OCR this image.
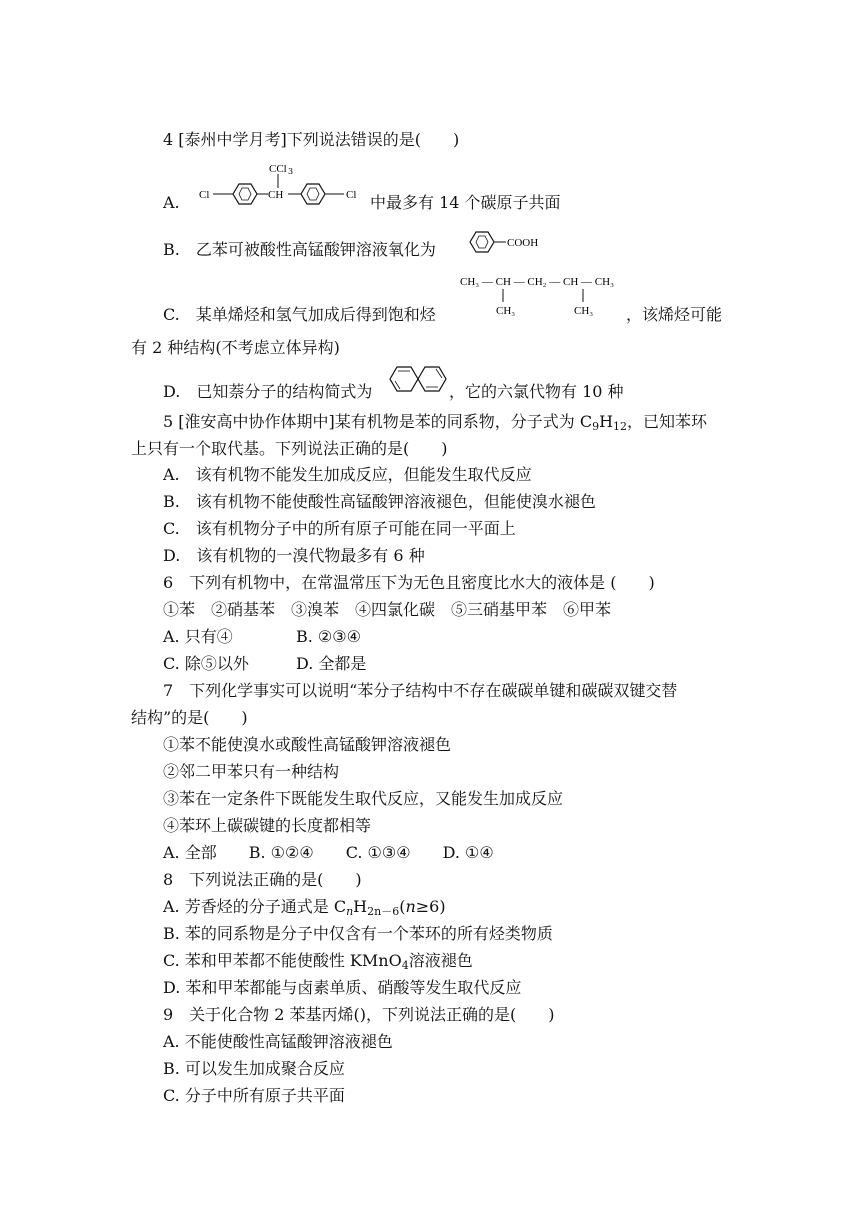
4 [泰州中学月考]下列说法错误的是(　　)
A. Cl	CH	Cl
CCl 3
中最多有 14 个碳原子共面
B.　乙苯可被酸性高锰酸钾溶液氧化为	COOH
CH₃ — CH — CH₂ — CH — CH₃
CH₃	CH₃
C.　某单烯烃和氢气加成后得到饱和烃	，该烯烃可能
有 2 种结构(不考虑立体异构)
D.　已知萘分子的结构简式为	，它的六氯代物有 10 种
5 [淮安高中协作体期中]某有机物是苯的同系物，分子式为 $C_9H_{12}$，已知苯环
上只有一个取代基。下列说法正确的是(　　)
A.　该有机物不能发生加成反应，但能发生取代反应
B.　该有机物不能使酸性高锰酸钾溶液褪色，但能使溴水褪色
C.　该有机物分子中的所有原子可能在同一平面上
D.　该有机物的一溴代物最多有 6 种
6　下列有机物中，在常温常压下为无色且密度比水大的液体是 (　　)
①苯　②硝基苯　③溴苯　④四氯化碳　⑤三硝基甲苯　⑥甲苯
A. 只有④	B. ②③④
C. 除⑤以外	D. 全都是
7　下列化学事实可以说明“苯分子结构中不存在碳碳单键和碳碳双键交替
结构”的是(　　)
①苯不能使溴水或酸性高锰酸钾溶液褪色
②邻二甲苯只有一种结构
③苯在一定条件下既能发生取代反应，又能发生加成反应
④苯环上碳碳键的长度都相等
A. 全部　　B. ①②④　　C. ①③④　　D. ①④
8　下列说法正确的是(　　)
A. 芳香烃的分子通式是 $C_nH_{2n-6}(n\ge 6)$
B. 苯的同系物是分子中仅含有一个苯环的所有烃类物质
C. 苯和甲苯都不能使酸性 KMnO$_4$溶液褪色
D. 苯和甲苯都能与卤素单质、硝酸等发生取代反应
9　关于化合物 2 苯基丙烯()，下列说法正确的是(　　)
A. 不能使酸性高锰酸钾溶液褪色
B. 可以发生加成聚合反应
C. 分子中所有原子共平面
